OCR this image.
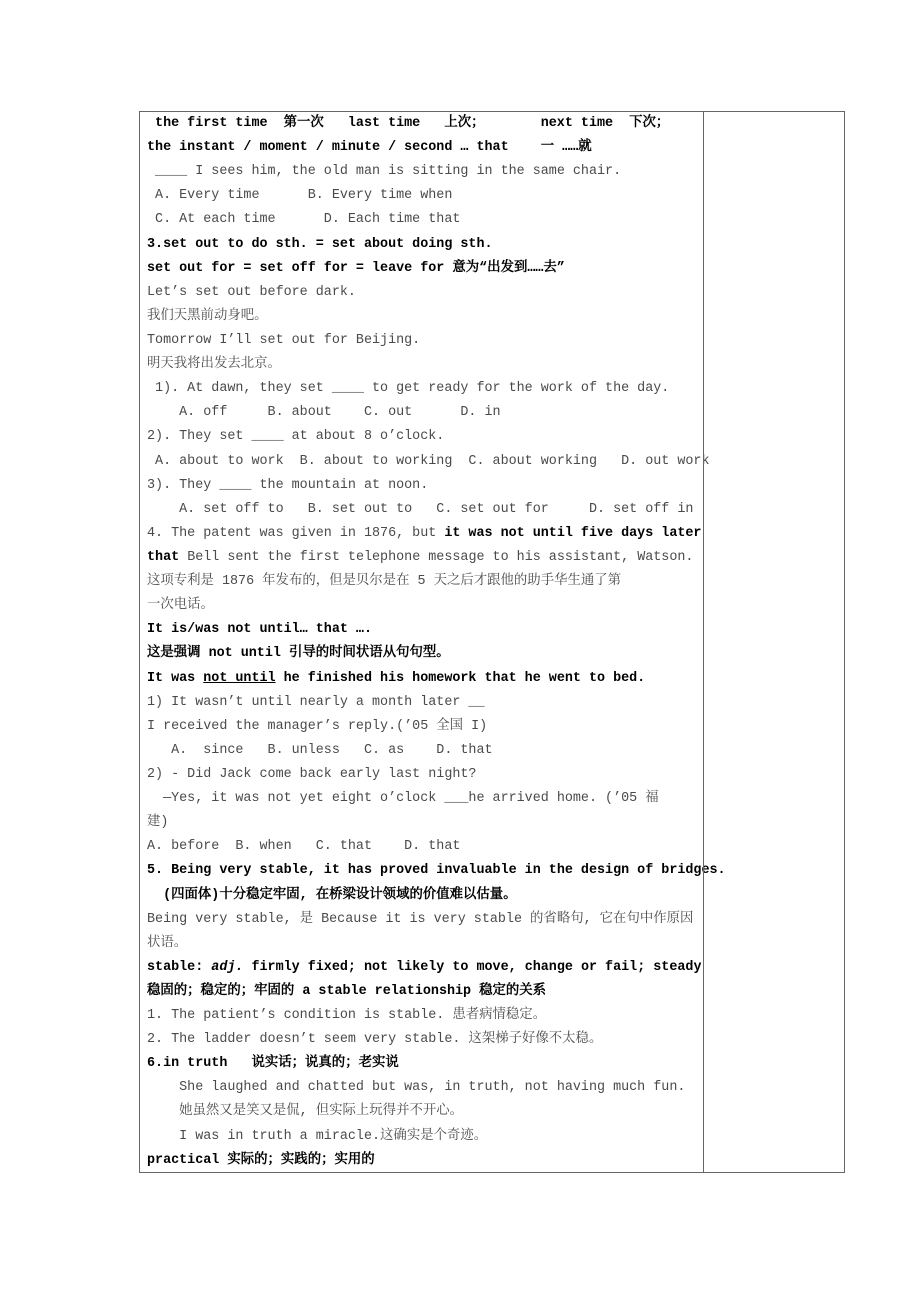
the first time  第一次   last time   上次；       next time  下次；
the instant / moment / minute / second … that    一 ……就
____ I sees him, the old man is sitting in the same chair.
A. Every time      B. Every time when
C. At each time      D. Each time that
3.set out to do sth. = set about doing sth.
set out for = set off for = leave for 意为“出发到……去”
Let’s set out before dark.
我们天黑前动身吧。
Tomorrow I’ll set out for Beijing.
明天我将出发去北京。
1). At dawn, they set ____ to get ready for the work of the day.
A. off     B. about    C. out      D. in
2). They set ____ at about 8 o’clock.
A. about to work  B. about to working  C. about working   D. out work
3). They ____ the mountain at noon.
A. set off to   B. set out to   C. set out for     D. set off in
4. The patent was given in 1876, but it was not until five days later
that Bell sent the first telephone message to his assistant, Watson.
这项专利是 1876 年发布的，但是贝尔是在 5 天之后才跟他的助手华生通了第
一次电话。
It is/was not until… that ….
这是强调 not until 引导的时间状语从句句型。
It was not until he finished his homework that he went to bed.
1) It wasn’t until nearly a month later __
I received the manager’s reply.(’05 全国 I)
A.  since   B. unless   C. as    D. that
2) - Did Jack come back early last night?
—Yes, it was not yet eight o’clock ___he arrived home. (’05 福
建)
A. before  B. when   C. that    D. that
5. Being very stable, it has proved invaluable in the design of bridges.
(四面体)十分稳定牢固, 在桥梁设计领域的价值难以估量。
Being very stable, 是 Because it is very stable 的省略句, 它在句中作原因
状语。
stable: adj. firmly fixed; not likely to move, change or fail; steady
稳固的；稳定的；牢固的 a stable relationship 稳定的关系
1. The patient’s condition is stable. 患者病情稳定。
2. The ladder doesn’t seem very stable. 这架梯子好像不太稳。
6.in truth   说实话；说真的；老实说
She laughed and chatted but was, in truth, not having much fun.
她虽然又是笑又是侃, 但实际上玩得并不开心。
I was in truth a miracle.这确实是个奇迹。
practical 实际的；实践的；实用的
